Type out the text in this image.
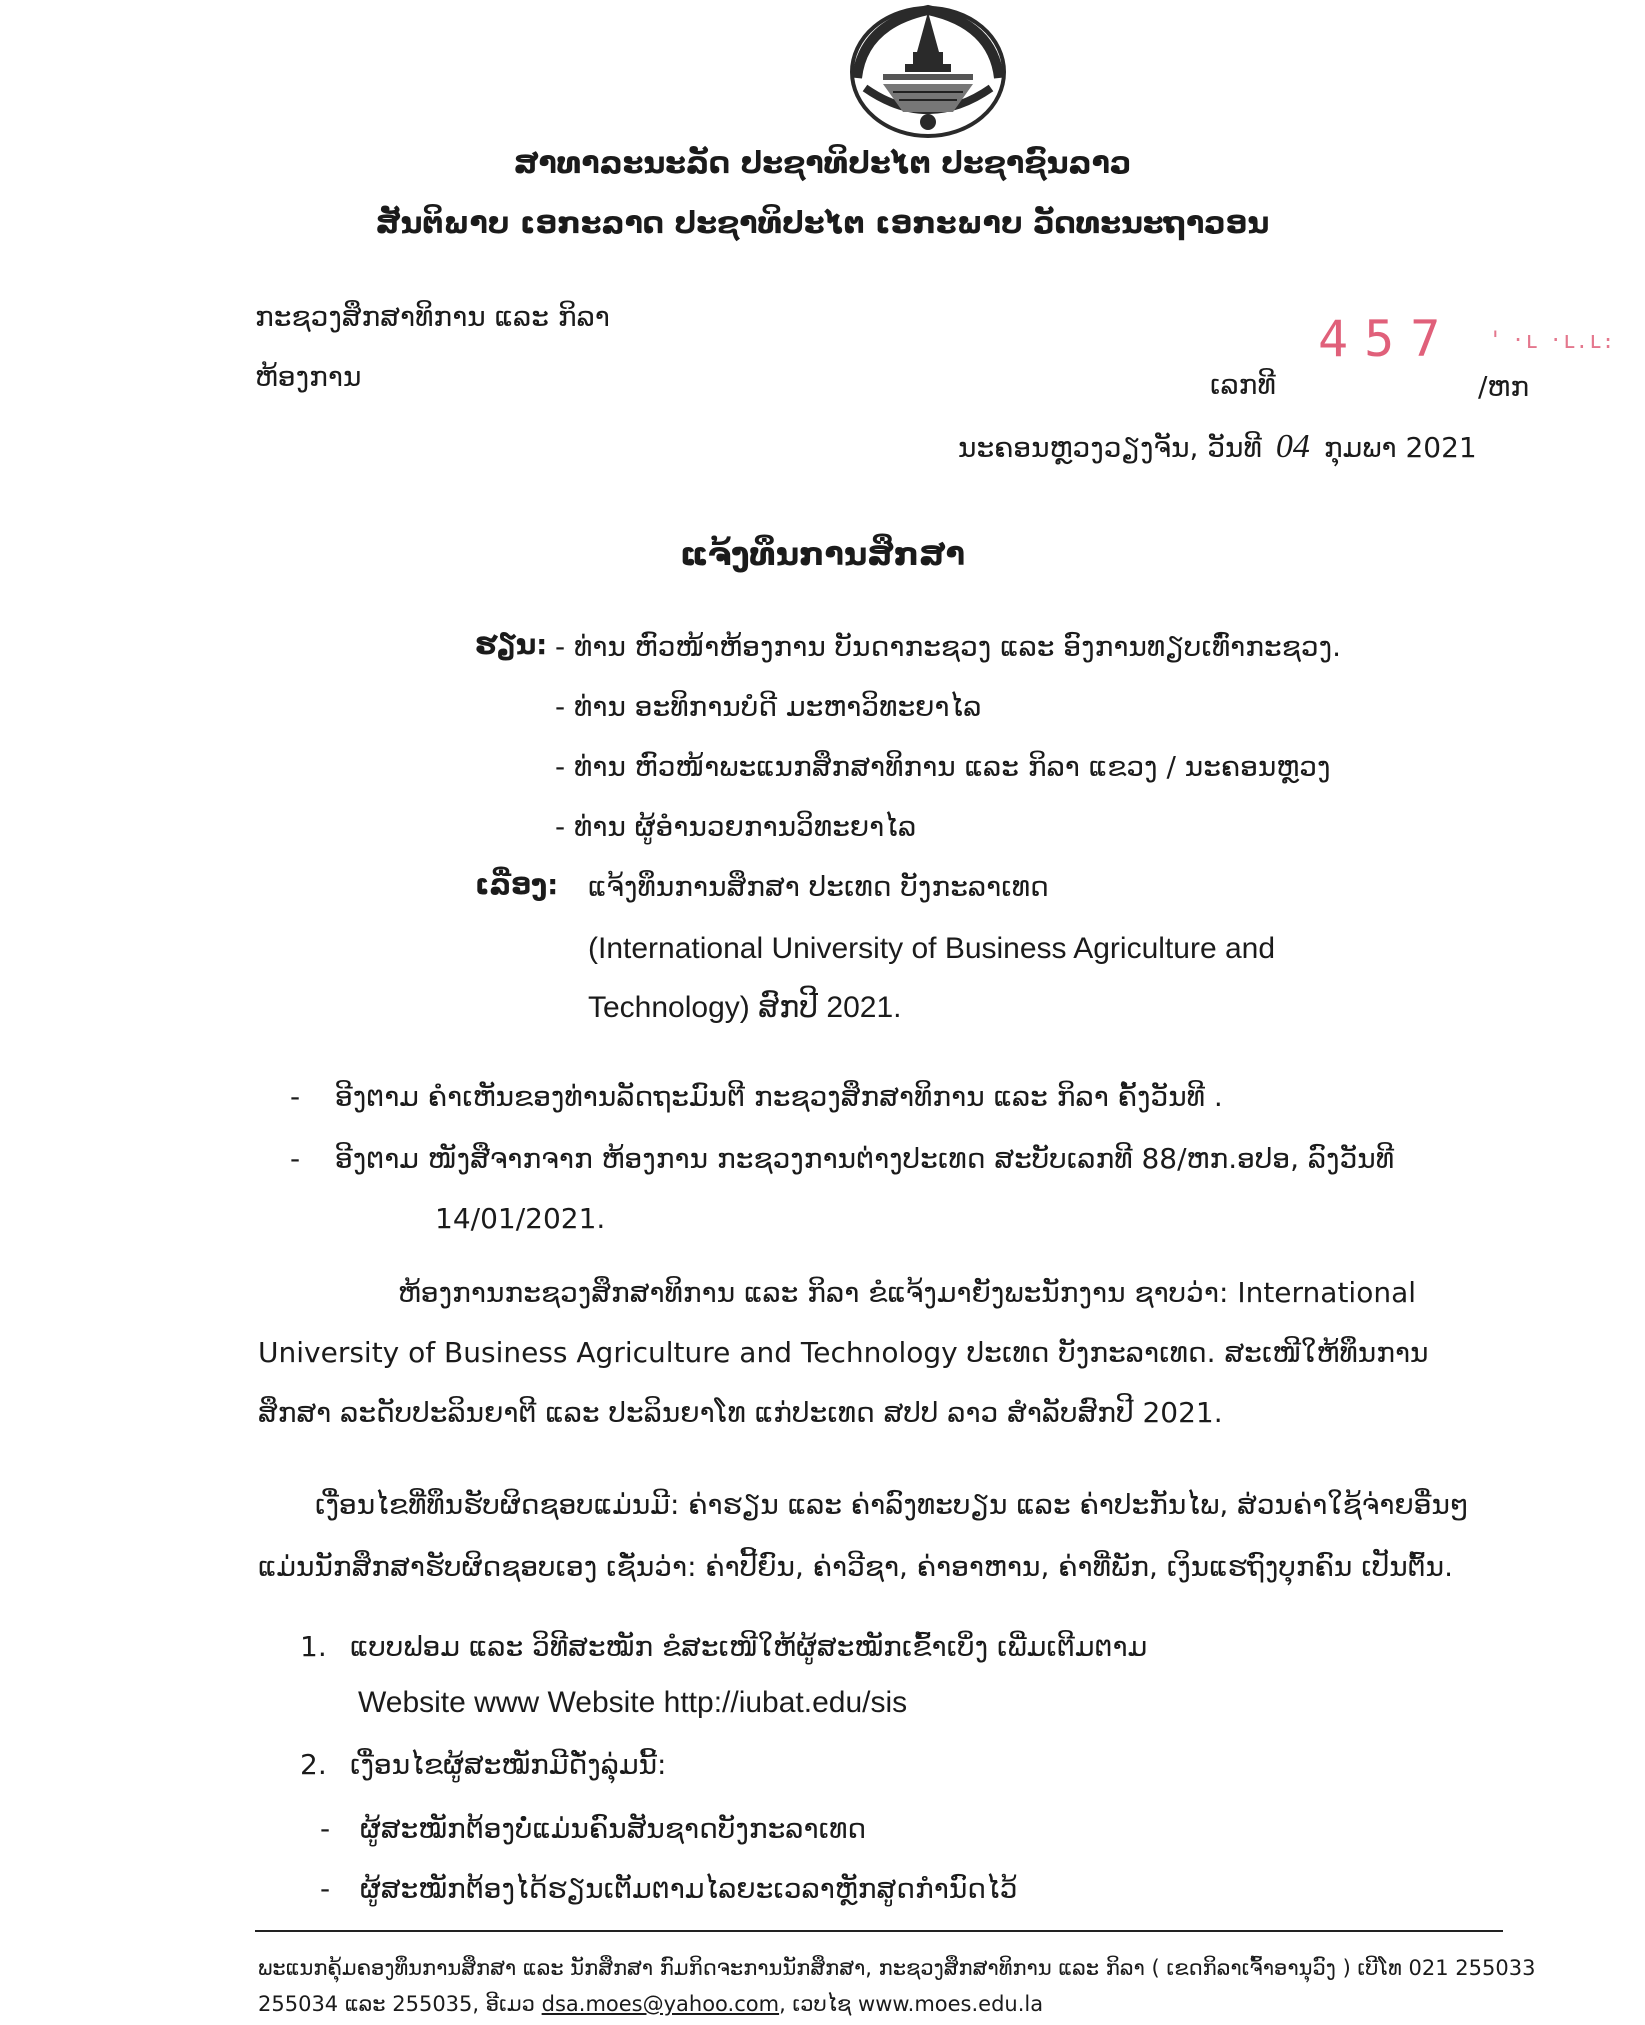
ສາທາລະນະລັດ ປະຊາທິປະໄຕ ປະຊາຊົນລາວ
ສັນຕິພາບ ເອກະລາດ ປະຊາທິປະໄຕ ເອກະພາບ ວັດທະນະຖາວອນ
ກະຊວງສຶກສາທິການ ແລະ ກິລາ
ຫ້ອງການ
457 ' ·ւ ·ւ.ւ։
ເລກທີ	/ຫກ
ນະຄອນຫຼວງວຽງຈັນ, ວັນທີ 04 ກຸມພາ 2021
ແຈ້ງທຶນການສຶກສາ
ຮຽນ: - ທ່ານ ຫົວໜ້າຫ້ອງການ ບັນດາກະຊວງ ແລະ ອົງການທຽບເທົ່າກະຊວງ.
- ທ່ານ ອະທິການບໍດີ ມະຫາວິທະຍາໄລ
- ທ່ານ ຫົວໜ້າພະແນກສຶກສາທິການ ແລະ ກິລາ ແຂວງ / ນະຄອນຫຼວງ
- ທ່ານ ຜູ້ອໍານວຍການວິທະຍາໄລ
ເລື່ອງ: ແຈ້ງທຶນການສຶກສາ ປະເທດ ບັງກະລາເທດ
(International University of Business Agriculture and
Technology) ສົກປີ 2021.
- ອີງຕາມ ຄໍາເຫັນຂອງທ່ານລັດຖະມົນຕີ ກະຊວງສຶກສາທິການ ແລະ ກິລາ ຄັ້ງວັນທີ .
- ອີງຕາມ ໜັງສືຈາກຈາກ ຫ້ອງການ ກະຊວງການຕ່າງປະເທດ ສະບັບເລກທີ 88/ຫກ.ອປອ, ລົງວັນທີ
14/01/2021.
ຫ້ອງການກະຊວງສຶກສາທິການ ແລະ ກິລາ ຂໍແຈ້ງມາຍັງພະນັກງານ ຊາບວ່າ: International
University of Business Agriculture and Technology ປະເທດ ບັງກະລາເທດ. ສະເໜີໃຫ້ທຶນການ
ສຶກສາ ລະດັບປະລິນຍາຕີ ແລະ ປະລິນຍາໂທ ແກ່ປະເທດ ສປປ ລາວ ສໍາລັບສົກປີ 2021.
ເງື່ອນໄຂທີ່ທຶນຮັບຜິດຊອບແມ່ນມີ: ຄ່າຮຽນ ແລະ ຄ່າລົງທະບຽນ ແລະ ຄ່າປະກັນໄພ, ສ່ວນຄ່າໃຊ້ຈ່າຍອື່ນໆ
ແມ່ນນັກສຶກສາຮັບຜິດຊອບເອງ ເຊັ່ນວ່າ: ຄ່າປີ້ຍົນ, ຄ່າວີຊາ, ຄ່າອາຫານ, ຄ່າທີ່ພັກ, ເງິນແຮຖົງບຸກຄົນ ເປັນຕົ້ນ.
1. ແບບຟອມ ແລະ ວິທີສະໝັກ ຂໍສະເໜີໃຫ້ຜູ້ສະໝັກເຂົ້າເບິ່ງ ເພີ່ມເຕີມຕາມ
Website www Website http://iubat.edu/sis
2. ເງື່ອນໄຂຜູ້ສະໝັກມີດັ່ງລຸ່ມນີ້:
- ຜູ້ສະໝັກຕ້ອງບໍ່ແມ່ນຄົນສັນຊາດບັງກະລາເທດ
- ຜູ້ສະໝັກຕ້ອງໄດ້ຮຽນເຕັມຕາມໄລຍະເວລາຫຼັກສູດກໍານົດໄວ້
ພະແນກຄຸ້ມຄອງທຶນການສຶກສາ ແລະ ນັກສຶກສາ ກົມກິດຈະການນັກສຶກສາ, ກະຊວງສຶກສາທິການ ແລະ ກິລາ ( ເຂດກິລາເຈົ້າອານຸວົງ ) ເບີໂທ 021 255033
255034 ແລະ 255035, ອີເມວ dsa.moes@yahoo.com, ເວບໄຊ www.moes.edu.la
